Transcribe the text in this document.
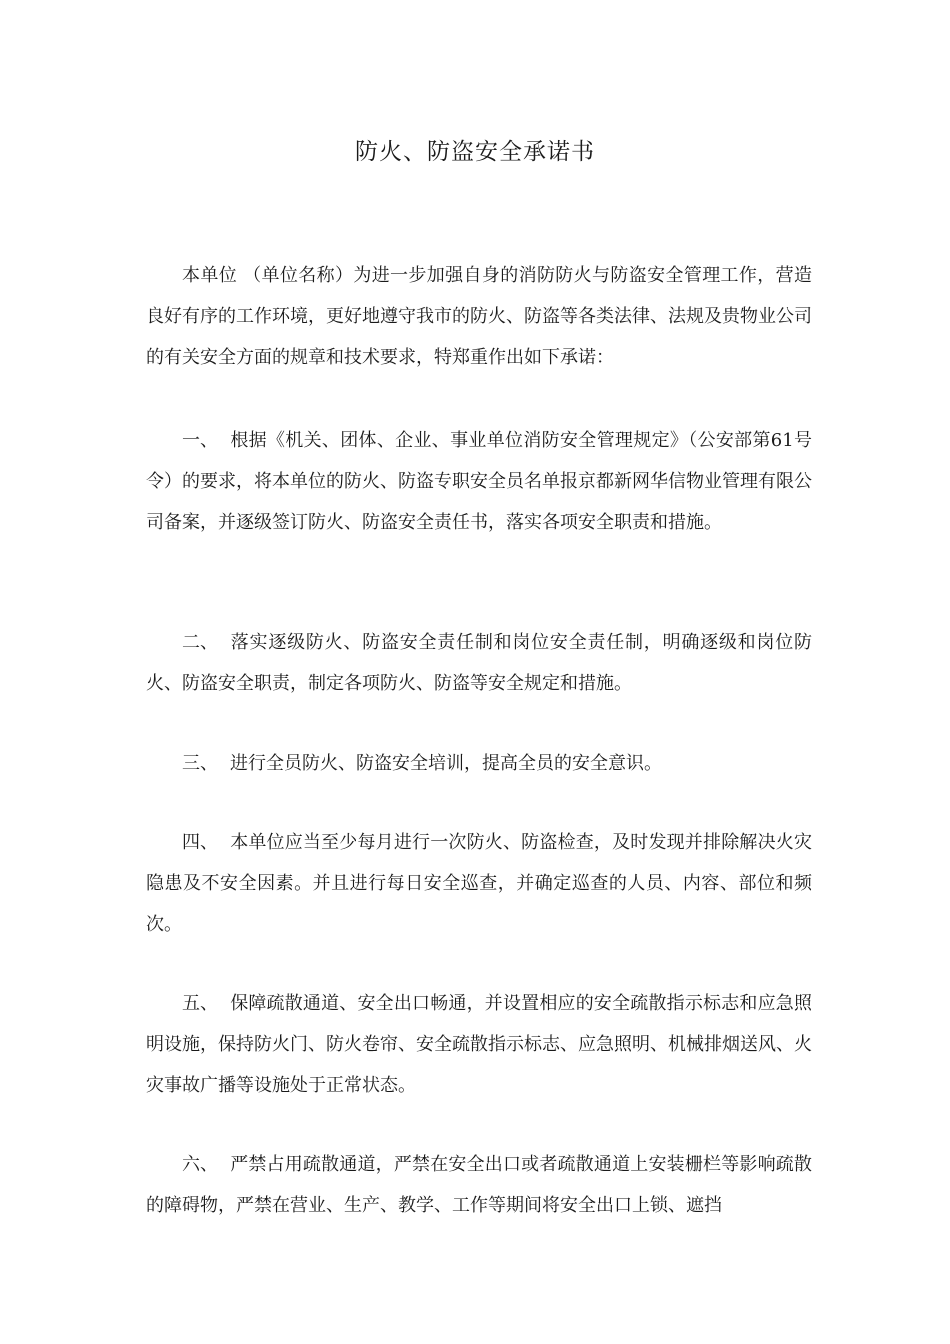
防火、防盗安全承诺书

本单位 （单位名称）为进一步加强自身的消防防火与防盗安全管理工作，营造良好有序的工作环境，更好地遵守我市的防火、防盗等各类法律、法规及贵物业公司的有关安全方面的规章和技术要求，特郑重作出如下承诺：

一、 根据《机关、团体、企业、事业单位消防安全管理规定》（公安部第61号令）的要求，将本单位的防火、防盗专职安全员名单报京都新网华信物业管理有限公司备案，并逐级签订防火、防盗安全责任书，落实各项安全职责和措施。

二、 落实逐级防火、防盗安全责任制和岗位安全责任制，明确逐级和岗位防火、防盗安全职责，制定各项防火、防盗等安全规定和措施。

三、 进行全员防火、防盗安全培训，提高全员的安全意识。

四、 本单位应当至少每月进行一次防火、防盗检查，及时发现并排除解决火灾隐患及不安全因素。并且进行每日安全巡查，并确定巡查的人员、内容、部位和频次。

五、 保障疏散通道、安全出口畅通，并设置相应的安全疏散指示标志和应急照明设施，保持防火门、防火卷帘、安全疏散指示标志、应急照明、机械排烟送风、火灾事故广播等设施处于正常状态。

六、 严禁占用疏散通道，严禁在安全出口或者疏散通道上安装栅栏等影响疏散的障碍物，严禁在营业、生产、教学、工作等期间将安全出口上锁、遮挡
